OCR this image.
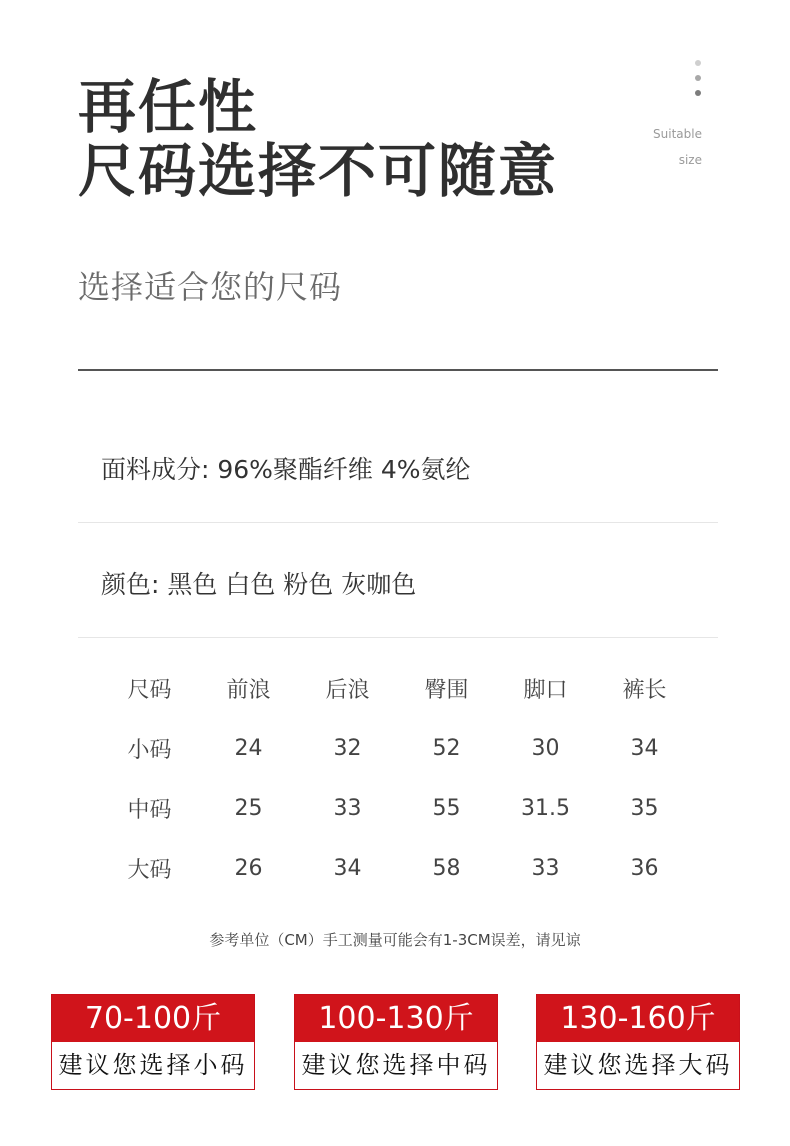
再任性
尺码选择不可随意
Suitable
size
选择适合您的尺码
面料成分: 96%聚酯纤维 4%氨纶
颜色: 黑色 白色 粉色 灰咖色
尺码	前浪	后浪	臀围	脚口	裤长
小码	24	32	52	30	34
中码	25	33	55	31.5	35
大码	26	34	58	33	36
参考单位（CM）手工测量可能会有1-3CM误差，请见谅
70-100斤
建议您选择小码
100-130斤
建议您选择中码
130-160斤
建议您选择大码
